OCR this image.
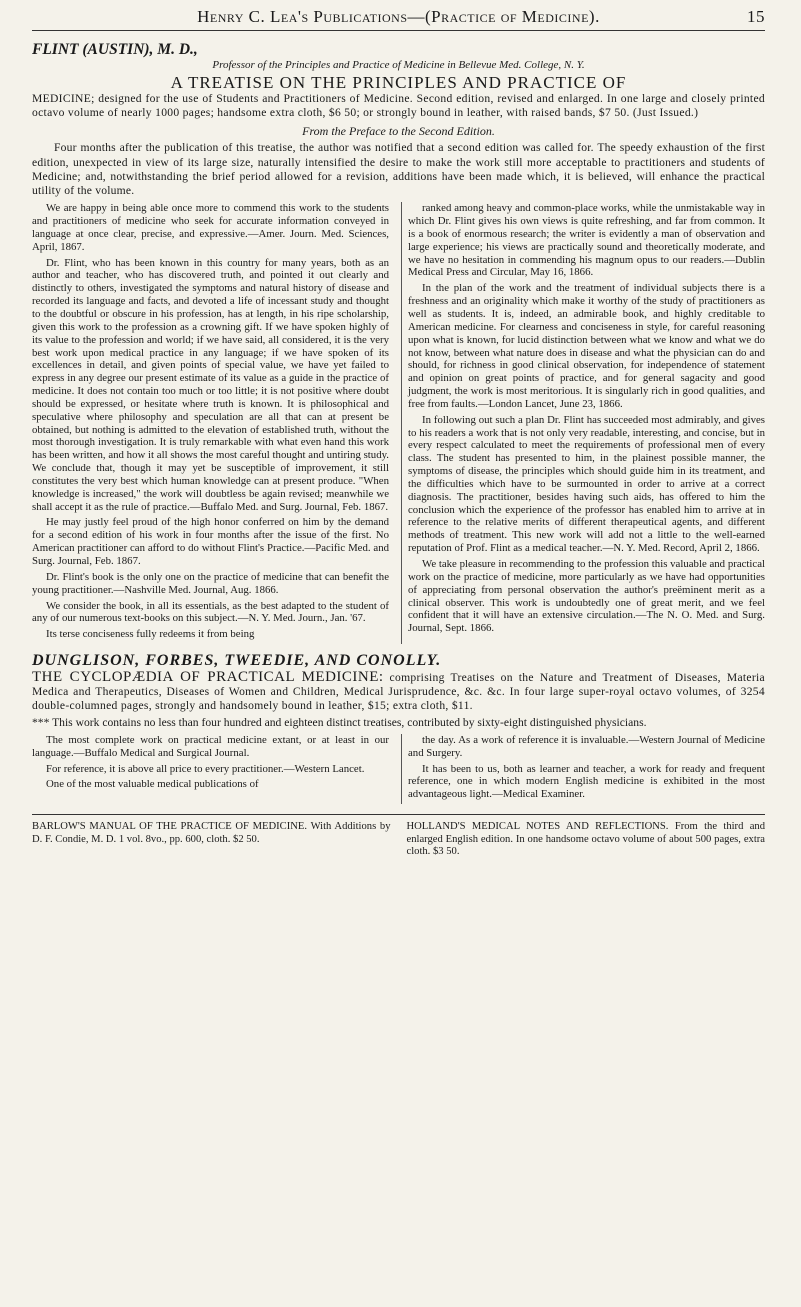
Henry C. Lea's Publications—(Practice of Medicine).	15
FLINT (AUSTIN), M. D.,
Professor of the Principles and Practice of Medicine in Bellevue Med. College, N. Y.
A TREATISE ON THE PRINCIPLES AND PRACTICE OF
MEDICINE; designed for the use of Students and Practitioners of Medicine. Second edition, revised and enlarged. In one large and closely printed octavo volume of nearly 1000 pages; handsome extra cloth, $6 50; or strongly bound in leather, with raised bands, $7 50. (Just Issued.)
From the Preface to the Second Edition.

Four months after the publication of this treatise, the author was notified that a second edition was called for. The speedy exhaustion of the first edition, unexpected in view of its large size, naturally intensified the desire to make the work still more acceptable to practitioners and students of Medicine; and, notwithstanding the brief period allowed for a revision, additions have been made which, it is believed, will enhance the practical utility of the volume.

We are happy in being able once more to commend this work to the students and practitioners of medicine who seek for accurate information conveyed in language at once clear, precise, and expressive.—Amer. Journ. Med. Sciences, April, 1867.

Dr. Flint, who has been known in this country for many years, both as an author and teacher, who has discovered truth, and pointed it out clearly and distinctly to others, investigated the symptoms and natural history of disease and recorded its language and facts, and devoted a life of incessant study and thought to the doubtful or obscure in his profession, has at length, in his ripe scholarship, given this work to the profession as a crowning gift. If we have spoken highly of its value to the profession and world; if we have said, all considered, it is the very best work upon medical practice in any language; if we have spoken of its excellences in detail, and given points of special value, we have yet failed to express in any degree our present estimate of its value as a guide in the practice of medicine. It does not contain too much or too little; it is not positive where doubt should be expressed, or hesitate where truth is known. It is philosophical and speculative where philosophy and speculation are all that can at present be obtained, but nothing is admitted to the elevation of established truth, without the most thorough investigation. It is truly remarkable with what even hand this work has been written, and how it all shows the most careful thought and untiring study. We conclude that, though it may yet be susceptible of improvement, it still constitutes the very best which human knowledge can at present produce. "When knowledge is increased," the work will doubtless be again revised; meanwhile we shall accept it as the rule of practice.—Buffalo Med. and Surg. Journal, Feb. 1867.

He may justly feel proud of the high honor conferred on him by the demand for a second edition of his work in four months after the issue of the first. No American practitioner can afford to do without Flint's Practice.—Pacific Med. and Surg. Journal, Feb. 1867.

Dr. Flint's book is the only one on the practice of medicine that can benefit the young practitioner.—Nashville Med. Journal, Aug. 1866.

We consider the book, in all its essentials, as the best adapted to the student of any of our numerous text-books on this subject.—N. Y. Med. Journ., Jan. '67.

Its terse conciseness fully redeems it from being

ranked among heavy and common-place works, while the unmistakable way in which Dr. Flint gives his own views is quite refreshing, and far from common. It is a book of enormous research; the writer is evidently a man of observation and large experience; his views are practically sound and theoretically moderate, and we have no hesitation in commending his magnum opus to our readers.—Dublin Medical Press and Circular, May 16, 1866.

In the plan of the work and the treatment of individual subjects there is a freshness and an originality which make it worthy of the study of practitioners as well as students. It is, indeed, an admirable book, and highly creditable to American medicine. For clearness and conciseness in style, for careful reasoning upon what is known, for lucid distinction between what we know and what we do not know, between what nature does in disease and what the physician can do and should, for richness in good clinical observation, for independence of statement and opinion on great points of practice, and for general sagacity and good judgment, the work is most meritorious. It is singularly rich in good qualities, and free from faults.—London Lancet, June 23, 1866.

In following out such a plan Dr. Flint has succeeded most admirably, and gives to his readers a work that is not only very readable, interesting, and concise, but in every respect calculated to meet the requirements of professional men of every class. The student has presented to him, in the plainest possible manner, the symptoms of disease, the principles which should guide him in its treatment, and the difficulties which have to be surmounted in order to arrive at a correct diagnosis. The practitioner, besides having such aids, has offered to him the conclusion which the experience of the professor has enabled him to arrive at in reference to the relative merits of different therapeutical agents, and different methods of treatment. This new work will add not a little to the well-earned reputation of Prof. Flint as a medical teacher.—N. Y. Med. Record, April 2, 1866.

We take pleasure in recommending to the profession this valuable and practical work on the practice of medicine, more particularly as we have had opportunities of appreciating from personal observation the author's preëminent merit as a clinical observer. This work is undoubtedly one of great merit, and we feel confident that it will have an extensive circulation.—The N. O. Med. and Surg. Journal, Sept. 1866.

DUNGLISON, FORBES, TWEEDIE, AND CONOLLY.
THE CYCLOPÆDIA OF PRACTICAL MEDICINE: comprising Treatises on the Nature and Treatment of Diseases, Materia Medica and Therapeutics, Diseases of Women and Children, Medical Jurisprudence, &c. &c. In four large super-royal octavo volumes, of 3254 double-columned pages, strongly and handsomely bound in leather, $15; extra cloth, $11.
*** This work contains no less than four hundred and eighteen distinct treatises, contributed by sixty-eight distinguished physicians.

The most complete work on practical medicine extant, or at least in our language.—Buffalo Medical and Surgical Journal.

For reference, it is above all price to every practitioner.—Western Lancet.

One of the most valuable medical publications of

the day. As a work of reference it is invaluable.—Western Journal of Medicine and Surgery.

It has been to us, both as learner and teacher, a work for ready and frequent reference, one in which modern English medicine is exhibited in the most advantageous light.—Medical Examiner.

BARLOW'S MANUAL OF THE PRACTICE OF MEDICINE. With Additions by D. F. Condie, M. D. 1 vol. 8vo., pp. 600, cloth. $2 50.
HOLLAND'S MEDICAL NOTES AND REFLECTIONS. From the third and enlarged English edition. In one handsome octavo volume of about 500 pages, extra cloth. $3 50.
